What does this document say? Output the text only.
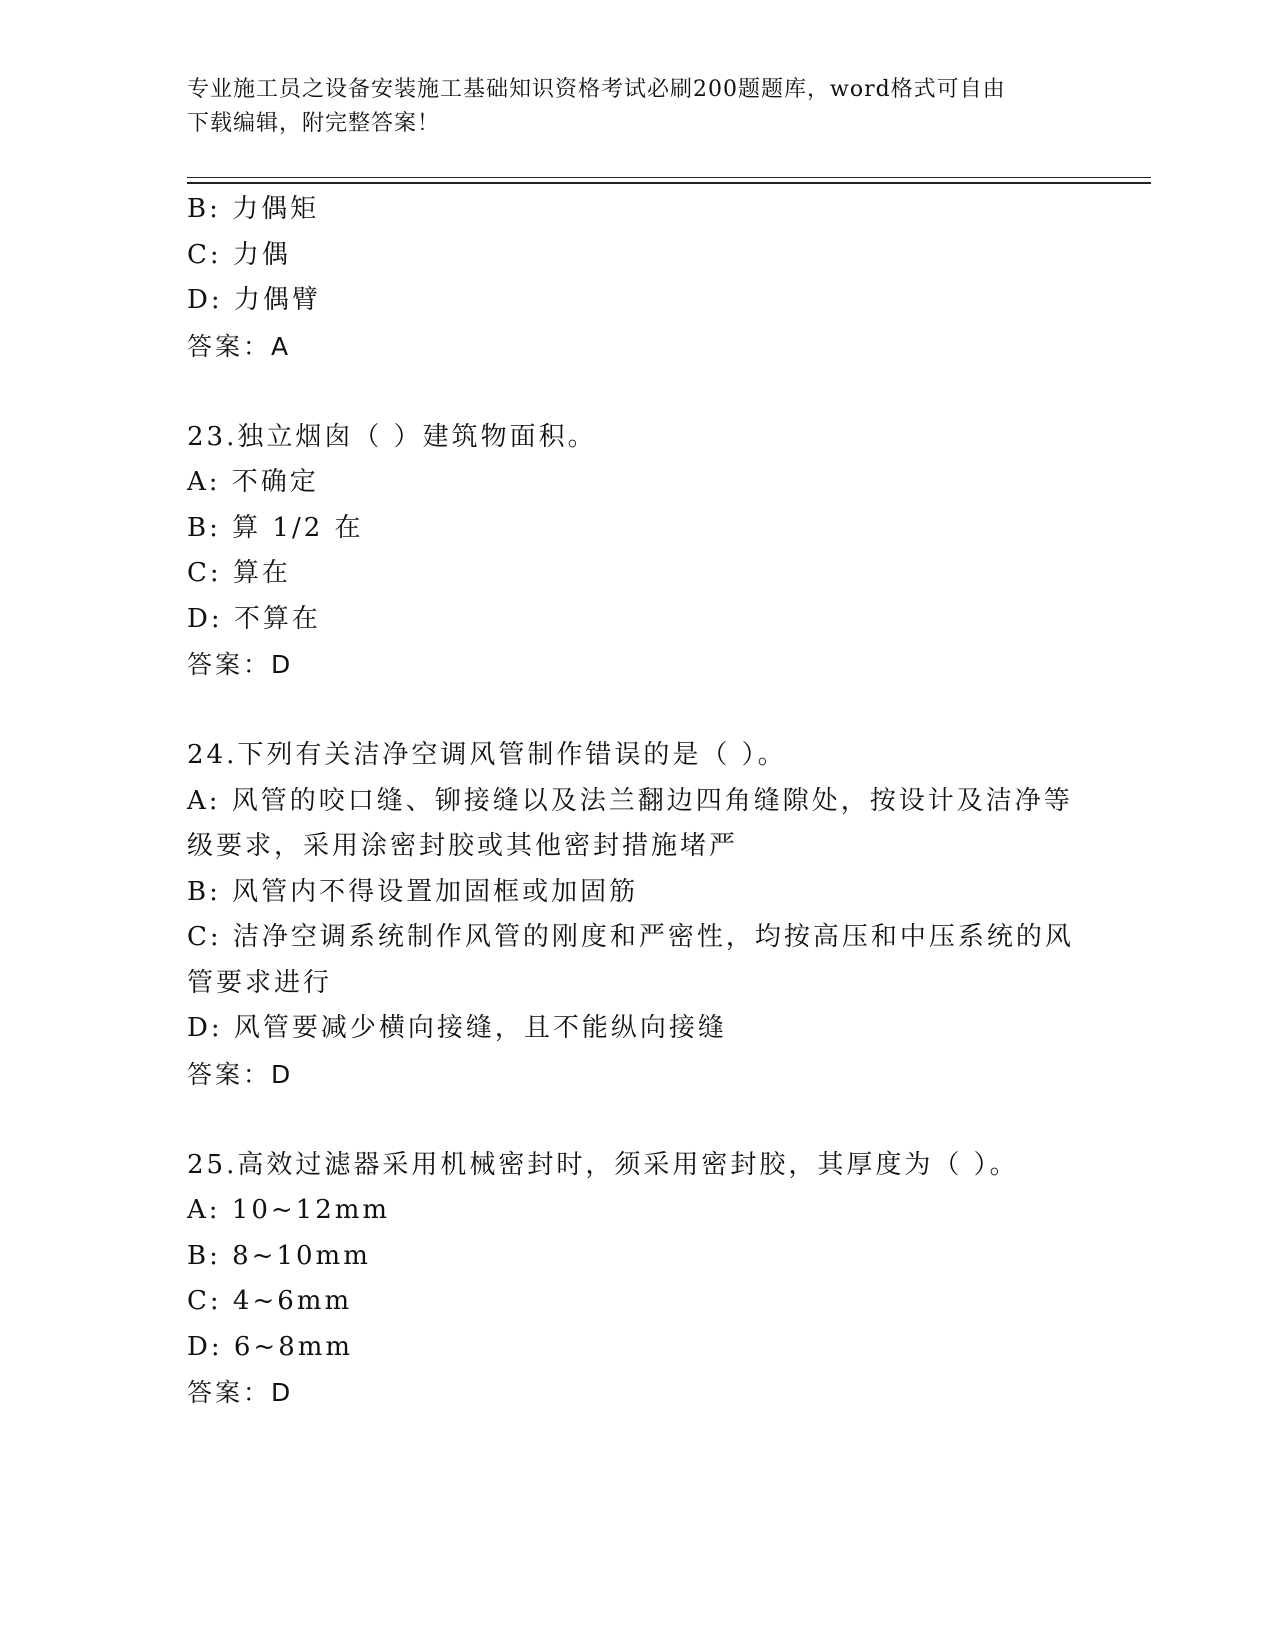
专业施工员之设备安装施工基础知识资格考试必刷200题题库，word格式可自由
下载编辑，附完整答案！
B: 力偶矩
C: 力偶
D: 力偶臂
答案：A
23.独立烟囱（ ）建筑物面积。
A: 不确定
B: 算 1/2 在
C: 算在
D: 不算在
答案：D
24.下列有关洁净空调风管制作错误的是（ ）。
A: 风管的咬口缝、铆接缝以及法兰翻边四角缝隙处，按设计及洁净等
级要求，采用涂密封胶或其他密封措施堵严
B: 风管内不得设置加固框或加固筋
C: 洁净空调系统制作风管的刚度和严密性，均按高压和中压系统的风
管要求进行
D: 风管要减少横向接缝，且不能纵向接缝
答案：D
25.高效过滤器采用机械密封时，须采用密封胶，其厚度为（ ）。
A: 10~12mm
B: 8~10mm
C: 4~6mm
D: 6~8mm
答案：D
